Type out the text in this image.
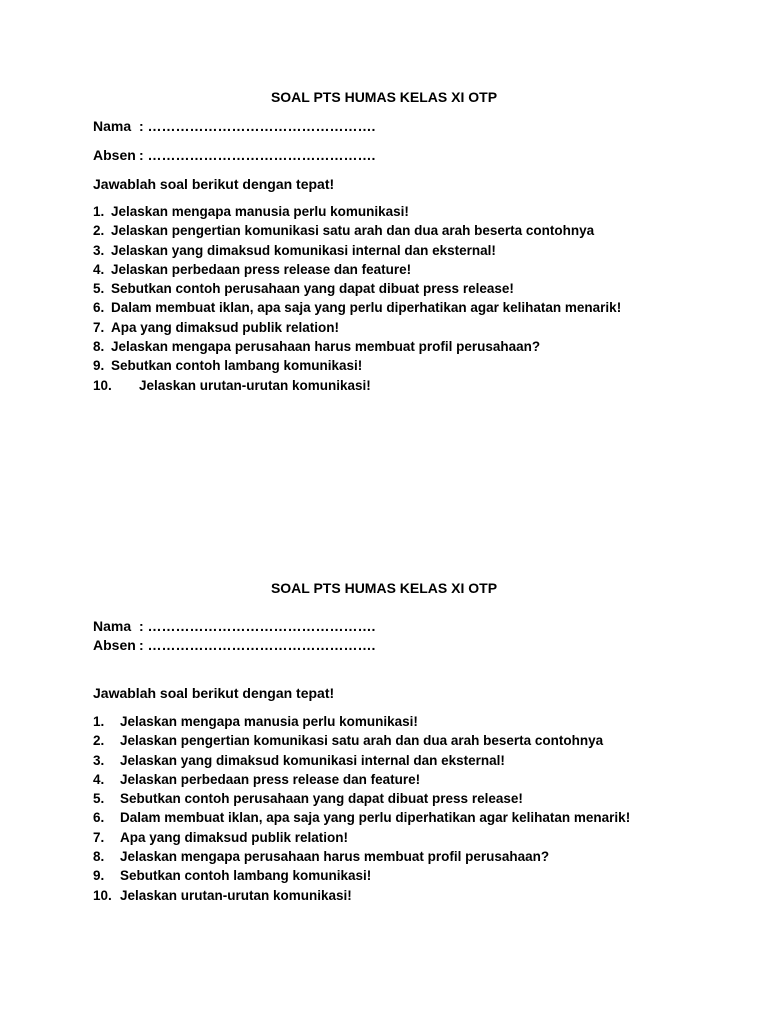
SOAL PTS HUMAS KELAS XI OTP
Nama : ………………………………………….
Absen : ………………………………………….
Jawablah soal berikut dengan tepat!
1. Jelaskan mengapa manusia perlu komunikasi!
2. Jelaskan pengertian komunikasi satu arah dan dua arah beserta contohnya
3. Jelaskan yang dimaksud komunikasi internal dan eksternal!
4. Jelaskan perbedaan press release dan feature!
5. Sebutkan contoh perusahaan yang dapat dibuat press release!
6. Dalam membuat iklan, apa saja yang perlu diperhatikan agar kelihatan menarik!
7. Apa yang dimaksud publik relation!
8. Jelaskan mengapa perusahaan harus membuat profil perusahaan?
9. Sebutkan contoh lambang komunikasi!
10. Jelaskan urutan-urutan komunikasi!
SOAL PTS HUMAS KELAS XI OTP
Nama : ………………………………………….
Absen : ………………………………………….
Jawablah soal berikut dengan tepat!
1. Jelaskan mengapa manusia perlu komunikasi!
2. Jelaskan pengertian komunikasi satu arah dan dua arah beserta contohnya
3. Jelaskan yang dimaksud komunikasi internal dan eksternal!
4. Jelaskan perbedaan press release dan feature!
5. Sebutkan contoh perusahaan yang dapat dibuat press release!
6. Dalam membuat iklan, apa saja yang perlu diperhatikan agar kelihatan menarik!
7. Apa yang dimaksud publik relation!
8. Jelaskan mengapa perusahaan harus membuat profil perusahaan?
9. Sebutkan contoh lambang komunikasi!
10. Jelaskan urutan-urutan komunikasi!
